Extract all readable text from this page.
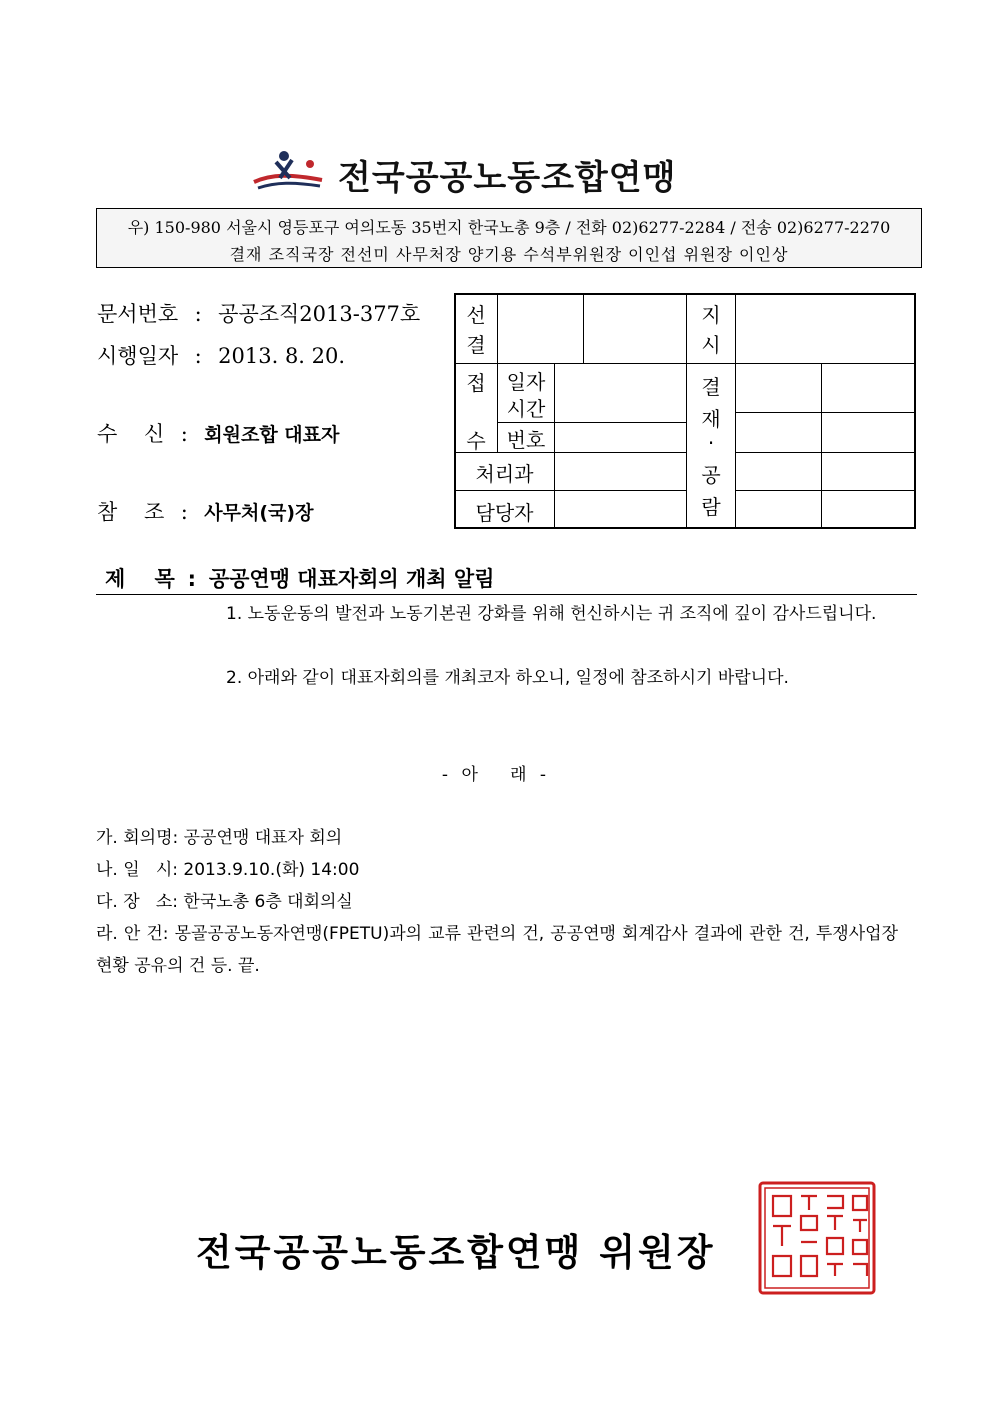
전국공공노동조합연맹
우) 150-980 서울시 영등포구 여의도동 35번지 한국노총 9층 / 전화 02)6277-2284 / 전송 02)6277-2270
결재 조직국장 전선미 사무처장 양기용 수석부위원장 이인섭 위원장 이인상
문서번호 : 공공조직2013-377호
시행일자 : 2013. 8. 20.
수    신 : 회원조합 대표자
참    조 : 사무처(국)장
선
결
지
시
접
수
일자
시간
번호
처리과
담당자
결
재
·
공
람
제    목 : 공공연맹 대표자회의 개최 알림
1. 노동운동의 발전과 노동기본권 강화를 위해 헌신하시는 귀 조직에 깊이 감사드립니다.
2. 아래와 같이 대표자회의를 개최코자 하오니, 일정에 참조하시기 바랍니다.
- 아   래 -
가. 회의명: 공공연맹 대표자 회의
나. 일   시: 2013.9.10.(화) 14:00
다. 장   소: 한국노총 6층 대회의실
라. 안 건: 몽골공공노동자연맹(FPETU)과의 교류 관련의 건, 공공연맹 회계감사 결과에 관한 건, 투쟁사업장 현황 공유의 건 등. 끝.
전국공공노동조합연맹 위원장
